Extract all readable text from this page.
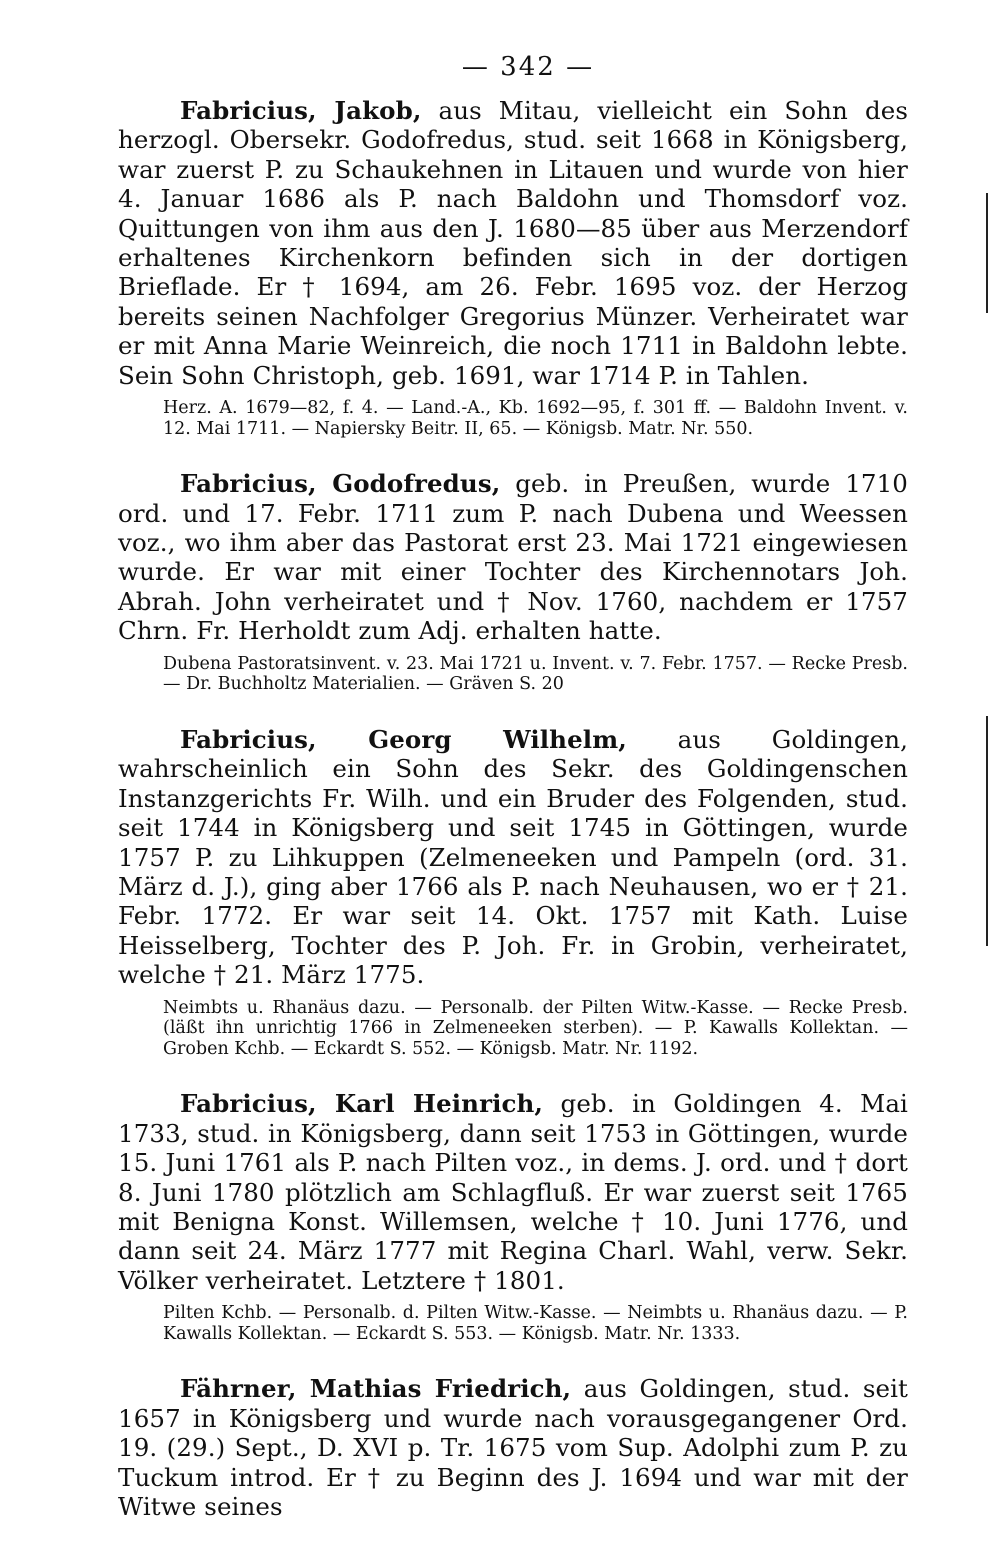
— 342 —

Fabricius, Jakob, aus Mitau, vielleicht ein Sohn des herzogl. Obersekr. Godofredus, stud. seit 1668 in Königsberg, war zuerst P. zu Schaukehnen in Litauen und wurde von hier 4. Januar 1686 als P. nach Baldohn und Thomsdorf voz. Quittungen von ihm aus den J. 1680—85 über aus Merzendorf erhaltenes Kirchenkorn befinden sich in der dortigen Brieflade. Er † 1694, am 26. Febr. 1695 voz. der Herzog bereits seinen Nachfolger Gregorius Münzer. Verheiratet war er mit Anna Marie Weinreich, die noch 1711 in Baldohn lebte. Sein Sohn Christoph, geb. 1691, war 1714 P. in Tahlen.

Herz. A. 1679—82, f. 4. — Land.-A., Kb. 1692—95, f. 301 ff. — Baldohn Invent. v. 12. Mai 1711. — Napiersky Beitr. II, 65. — Königsb. Matr. Nr. 550.

Fabricius, Godofredus, geb. in Preußen, wurde 1710 ord. und 17. Febr. 1711 zum P. nach Dubena und Weessen voz., wo ihm aber das Pastorat erst 23. Mai 1721 eingewiesen wurde. Er war mit einer Tochter des Kirchennotars Joh. Abrah. John verheiratet und † Nov. 1760, nachdem er 1757 Chrn. Fr. Herholdt zum Adj. erhalten hatte.

Dubena Pastoratsinvent. v. 23. Mai 1721 u. Invent. v. 7. Febr. 1757. — Recke Presb. — Dr. Buchholtz Materialien. — Gräven S. 20

Fabricius, Georg Wilhelm, aus Goldingen, wahrscheinlich ein Sohn des Sekr. des Goldingenschen Instanzgerichts Fr. Wilh. und ein Bruder des Folgenden, stud. seit 1744 in Königsberg und seit 1745 in Göttingen, wurde 1757 P. zu Lihkuppen (Zelmeneeken und Pampeln (ord. 31. März d. J.), ging aber 1766 als P. nach Neuhausen, wo er † 21. Febr. 1772. Er war seit 14. Okt. 1757 mit Kath. Luise Heisselberg, Tochter des P. Joh. Fr. in Grobin, verheiratet, welche † 21. März 1775.

Neimbts u. Rhanäus dazu. — Personalb. der Pilten Witw.-Kasse. — Recke Presb. (läßt ihn unrichtig 1766 in Zelmeneeken sterben). — P. Kawalls Kollektan. — Groben Kchb. — Eckardt S. 552. — Königsb. Matr. Nr. 1192.

Fabricius, Karl Heinrich, geb. in Goldingen 4. Mai 1733, stud. in Königsberg, dann seit 1753 in Göttingen, wurde 15. Juni 1761 als P. nach Pilten voz., in dems. J. ord. und † dort 8. Juni 1780 plötzlich am Schlagfluß. Er war zuerst seit 1765 mit Benigna Konst. Willemsen, welche † 10. Juni 1776, und dann seit 24. März 1777 mit Regina Charl. Wahl, verw. Sekr. Völker verheiratet. Letztere † 1801.

Pilten Kchb. — Personalb. d. Pilten Witw.-Kasse. — Neimbts u. Rhanäus dazu. — P. Kawalls Kollektan. — Eckardt S. 553. — Königsb. Matr. Nr. 1333.

Fährner, Mathias Friedrich, aus Goldingen, stud. seit 1657 in Königsberg und wurde nach vorausgegangener Ord. 19. (29.) Sept., D. XVI p. Tr. 1675 vom Sup. Adolphi zum P. zu Tuckum introd. Er † zu Beginn des J. 1694 und war mit der Witwe seines
